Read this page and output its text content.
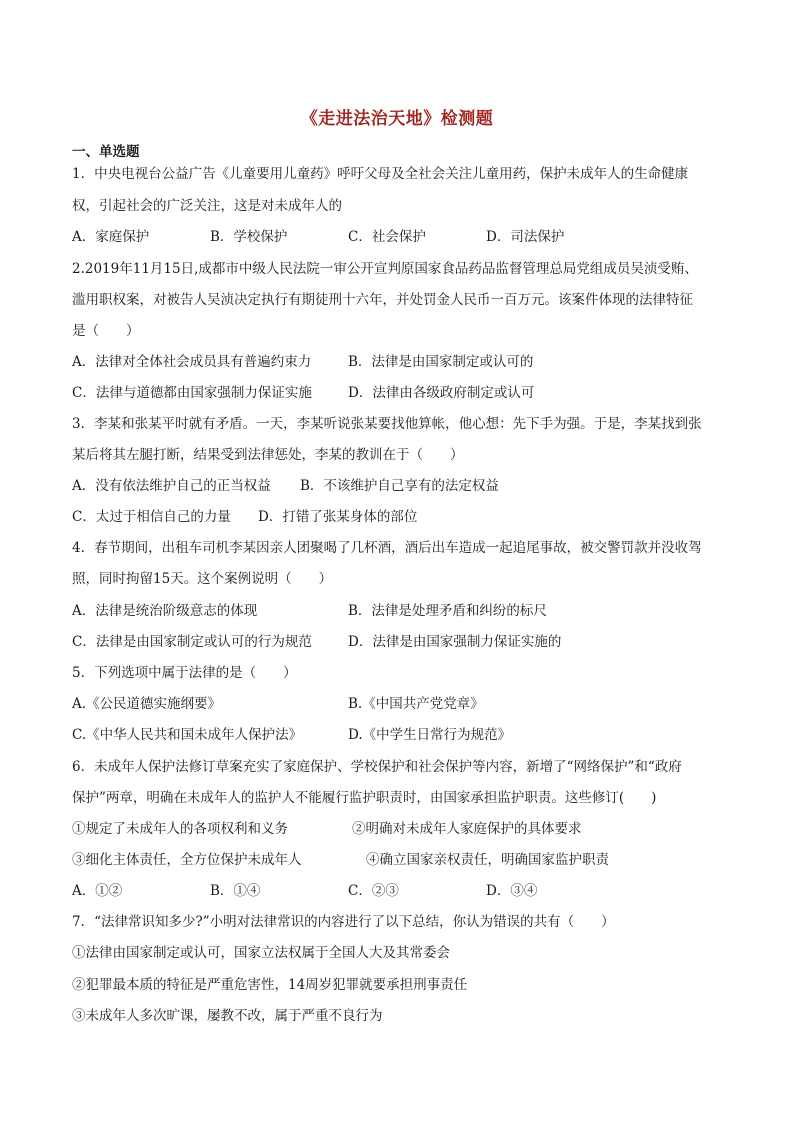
《走进法治天地》检测题
一、单选题
1．中央电视台公益广告《儿童要用儿童药》呼吁父母及全社会关注儿童用药，保护未成年人的生命健康
权，引起社会的广泛关注，这是对未成年人的
A．家庭保护	B．学校保护	C．社会保护	D．司法保护
2.2019年11月15日,成都市中级人民法院一审公开宣判原国家食品药品监督管理总局党组成员吴浈受贿、
滥用职权案，对被告人吴浈决定执行有期徒刑十六年，并处罚金人民币一百万元。该案件体现的法律特征
是（　　）
A．法律对全体社会成员具有普遍约束力	B．法律是由国家制定或认可的
C．法律与道德都由国家强制力保证实施	D．法律由各级政府制定或认可
3．李某和张某平时就有矛盾。一天，李某听说张某要找他算帐，他心想：先下手为强。于是，李某找到张
某后将其左腿打断，结果受到法律惩处，李某的教训在于（　　）
A．没有依法维护自己的正当权益 B．不该维护自己享有的法定权益
C．太过于相信自己的力量 D．打错了张某身体的部位
4．春节期间，出租车司机李某因亲人团聚喝了几杯酒，酒后出车造成一起追尾事故，被交警罚款并没收驾
照，同时拘留15天。这个案例说明（　　）
A．法律是统治阶级意志的体现	B．法律是处理矛盾和纠纷的标尺
C．法律是由国家制定或认可的行为规范	D．法律是由国家强制力保证实施的
5．下列选项中属于法律的是（　　）
A.《公民道德实施纲要》	B.《中国共产党党章》
C.《中华人民共和国未成年人保护法》	D.《中学生日常行为规范》
6．未成年人保护法修订草案充实了家庭保护、学校保护和社会保护等内容，新增了“网络保护”和“政府
保护”两章，明确在未成年人的监护人不能履行监护职责时，由国家承担监护职责。这些修订(　　)
①规定了未成年人的各项权利和义务	②明确对未成年人家庭保护的具体要求
③细化主体责任，全方位保护未成年人	④确立国家亲权责任，明确国家监护职责
A．①②	B．①④	C．②③	D．③④
7．“法律常识知多少?”小明对法律常识的内容进行了以下总结，你认为错误的共有（　　）
①法律由国家制定或认可，国家立法权属于全国人大及其常委会
②犯罪最本质的特征是严重危害性，14周岁犯罪就要承担刑事责任
③未成年人多次旷课，屡教不改，属于严重不良行为
